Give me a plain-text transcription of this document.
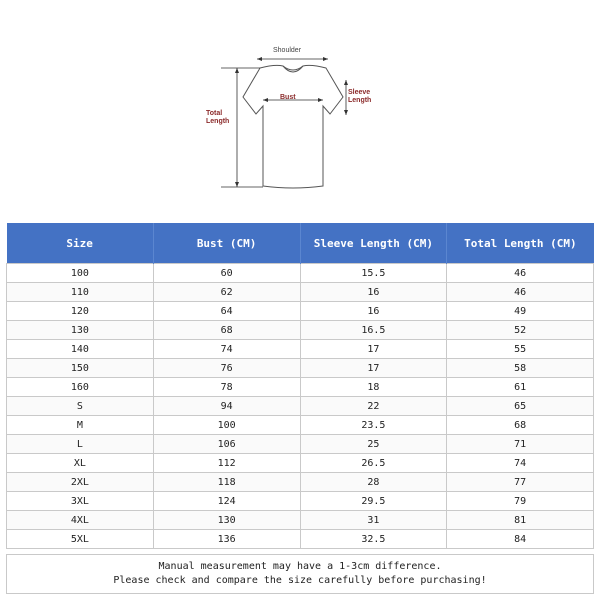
Shoulder
Bust
Sleeve
Length
Total
Length
Size	Bust (CM)	Sleeve Length (CM)	Total Length (CM)
100	60	15.5	46
110	62	16	46
120	64	16	49
130	68	16.5	52
140	74	17	55
150	76	17	58
160	78	18	61
S	94	22	65
M	100	23.5	68
L	106	25	71
XL	112	26.5	74
2XL	118	28	77
3XL	124	29.5	79
4XL	130	31	81
5XL	136	32.5	84
Manual measurement may have a 1-3cm difference.
Please check and compare the size carefully before purchasing!
